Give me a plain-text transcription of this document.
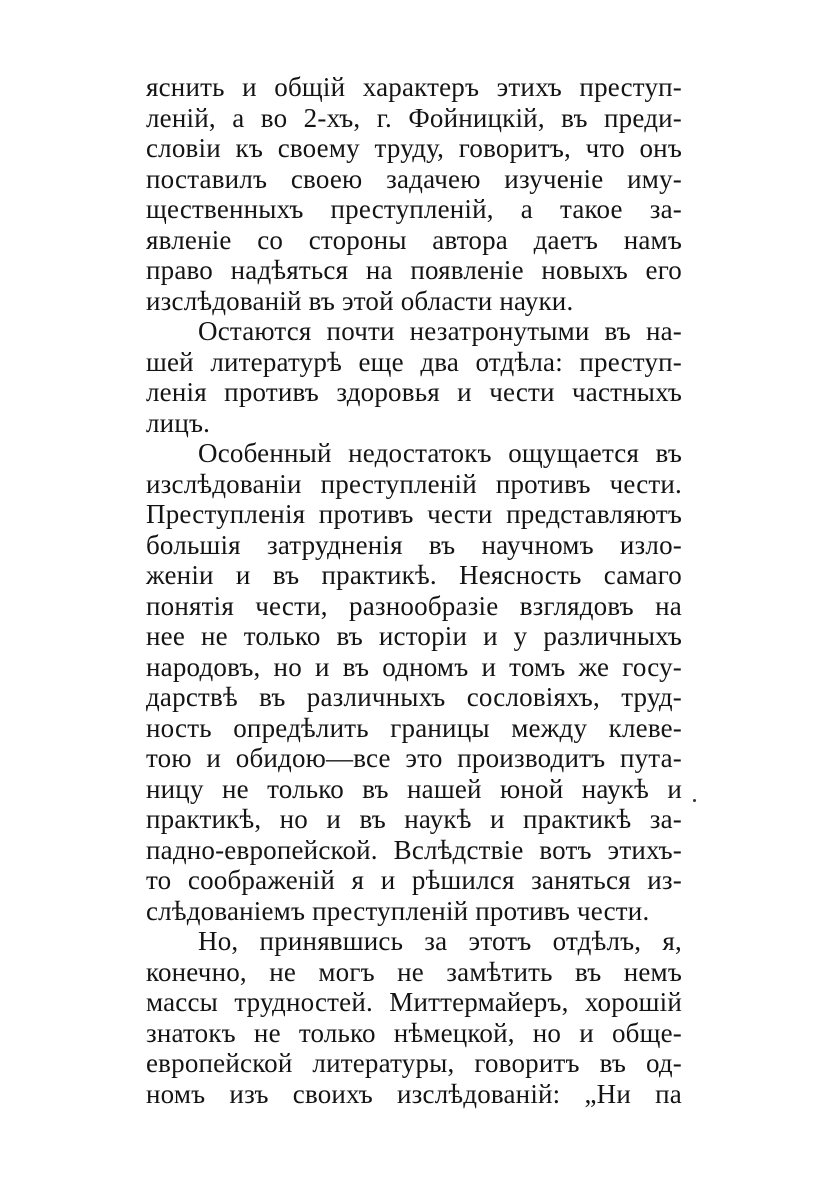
яснить и общій характеръ этихъ преступ-
леній, а во 2-хъ, г. Фойницкій, въ преди-
словіи къ своему труду, говоритъ, что онъ
поставилъ своею задачею изученіе иму-
щественныхъ преступленій, а такое за-
явленіе со стороны автора даетъ намъ
право надѣяться на появленіе новыхъ его
изслѣдованій въ этой области науки.

Остаются почти незатронутыми въ на-
шей литературѣ еще два отдѣла: преступ-
ленія противъ здоровья и чести частныхъ
лицъ.

Особенный недостатокъ ощущается въ
изслѣдованіи преступленій противъ чести.
Преступленія противъ чести представляютъ
большія затрудненія въ научномъ изло-
женіи и въ практикѣ. Неясность самаго
понятія чести, разнообразіе взглядовъ на
нее не только въ исторіи и у различныхъ
народовъ, но и въ одномъ и томъ же госу-
дарствѣ въ различныхъ сословіяхъ, труд-
ность опредѣлить границы между клеве-
тою и обидою—все это производитъ пута-
ницу не только въ нашей юной наукѣ и
практикѣ, но и въ наукѣ и практикѣ за-
падно-европейской. Вслѣдствіе вотъ этихъ-
то соображеній я и рѣшился заняться из-
слѣдованіемъ преступленій противъ чести.

Но, принявшись за этотъ отдѣлъ, я,
конечно, не могъ не замѣтить въ немъ
массы трудностей. Миттермайеръ, хорошій
знатокъ не только нѣмецкой, но и обще-
европейской литературы, говоритъ въ од-
номъ изъ своихъ изслѣдованій: „Ни па
